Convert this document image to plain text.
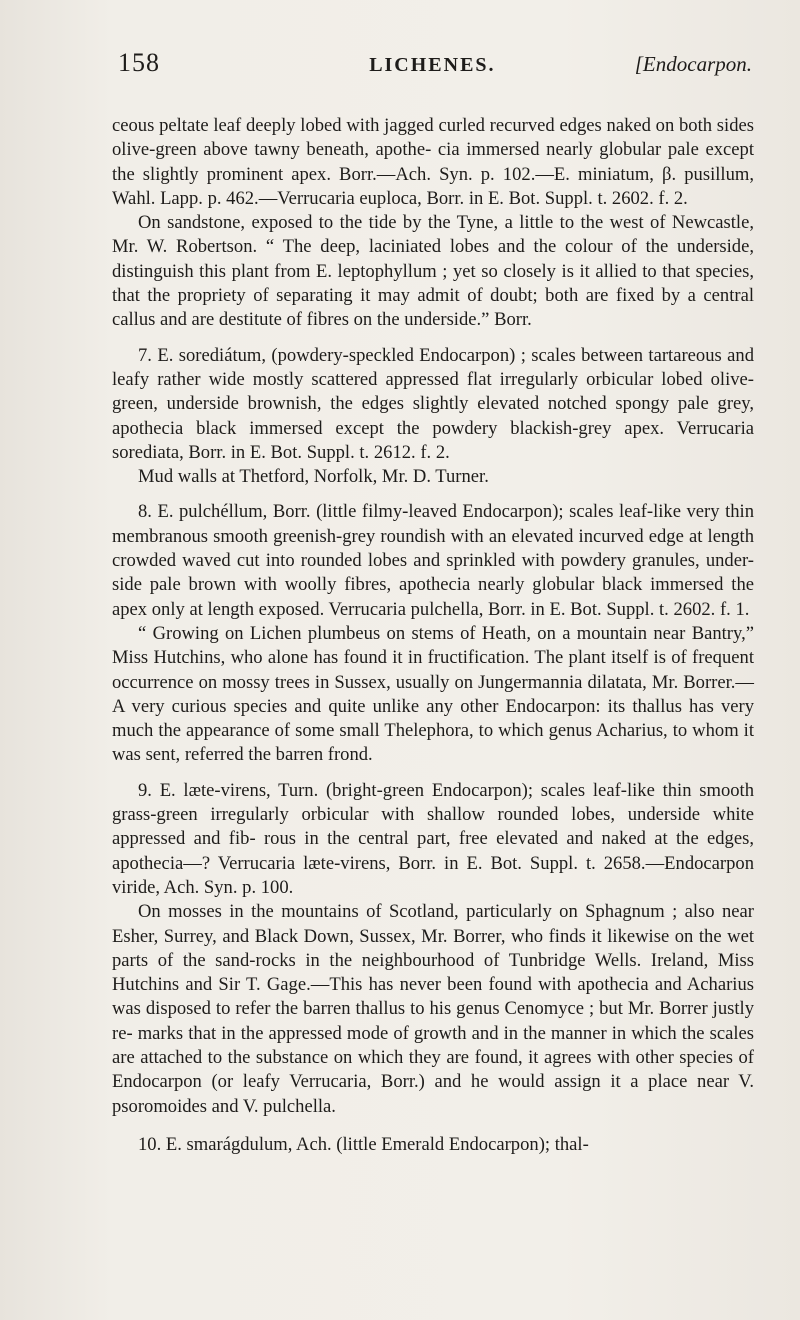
158	LICHENES.	[Endocarpon.

ceous peltate leaf deeply lobed with jagged curled recurved edges naked on both sides olive-green above tawny beneath, apothe- cia immersed nearly globular pale except the slightly prominent apex. Borr.—Ach. Syn. p. 102.—E. miniatum, β. pusillum, Wahl. Lapp. p. 462.—Verrucaria euploca, Borr. in E. Bot. Suppl. t. 2602. f. 2.

On sandstone, exposed to the tide by the Tyne, a little to the west of Newcastle, Mr. W. Robertson. “ The deep, laciniated lobes and the colour of the underside, distinguish this plant from E. leptophyllum ; yet so closely is it allied to that species, that the propriety of separating it may admit of doubt; both are fixed by a central callus and are destitute of fibres on the underside.” Borr.

7. E. sorediátum, (powdery-speckled Endocarpon) ; scales between tartareous and leafy rather wide mostly scattered appressed flat irregularly orbicular lobed olive-green, underside brownish, the edges slightly elevated notched spongy pale grey, apothecia black immersed except the powdery blackish-grey apex. Verrucaria sorediata, Borr. in E. Bot. Suppl. t. 2612. f. 2.

Mud walls at Thetford, Norfolk, Mr. D. Turner.

8. E. pulchéllum, Borr. (little filmy-leaved Endocarpon); scales leaf-like very thin membranous smooth greenish-grey roundish with an elevated incurved edge at length crowded waved cut into rounded lobes and sprinkled with powdery granules, under- side pale brown with woolly fibres, apothecia nearly globular black immersed the apex only at length exposed. Verrucaria pulchella, Borr. in E. Bot. Suppl. t. 2602. f. 1.

“ Growing on Lichen plumbeus on stems of Heath, on a mountain near Bantry,” Miss Hutchins, who alone has found it in fructification. The plant itself is of frequent occurrence on mossy trees in Sussex, usually on Jungermannia dilatata, Mr. Borrer.—A very curious species and quite unlike any other Endocarpon: its thallus has very much the appearance of some small Thelephora, to which genus Acharius, to whom it was sent, referred the barren frond.

9. E. læte-virens, Turn. (bright-green Endocarpon); scales leaf-like thin smooth grass-green irregularly orbicular with shallow rounded lobes, underside white appressed and fib- rous in the central part, free elevated and naked at the edges, apothecia—? Verrucaria læte-virens, Borr. in E. Bot. Suppl. t. 2658.—Endocarpon viride, Ach. Syn. p. 100.

On mosses in the mountains of Scotland, particularly on Sphagnum ; also near Esher, Surrey, and Black Down, Sussex, Mr. Borrer, who finds it likewise on the wet parts of the sand-rocks in the neighbourhood of Tunbridge Wells. Ireland, Miss Hutchins and Sir T. Gage.—This has never been found with apothecia and Acharius was disposed to refer the barren thallus to his genus Cenomyce ; but Mr. Borrer justly re- marks that in the appressed mode of growth and in the manner in which the scales are attached to the substance on which they are found, it agrees with other species of Endocarpon (or leafy Verrucaria, Borr.) and he would assign it a place near V. psoromoides and V. pulchella.

10. E. smarágdulum, Ach. (little Emerald Endocarpon); thal-
